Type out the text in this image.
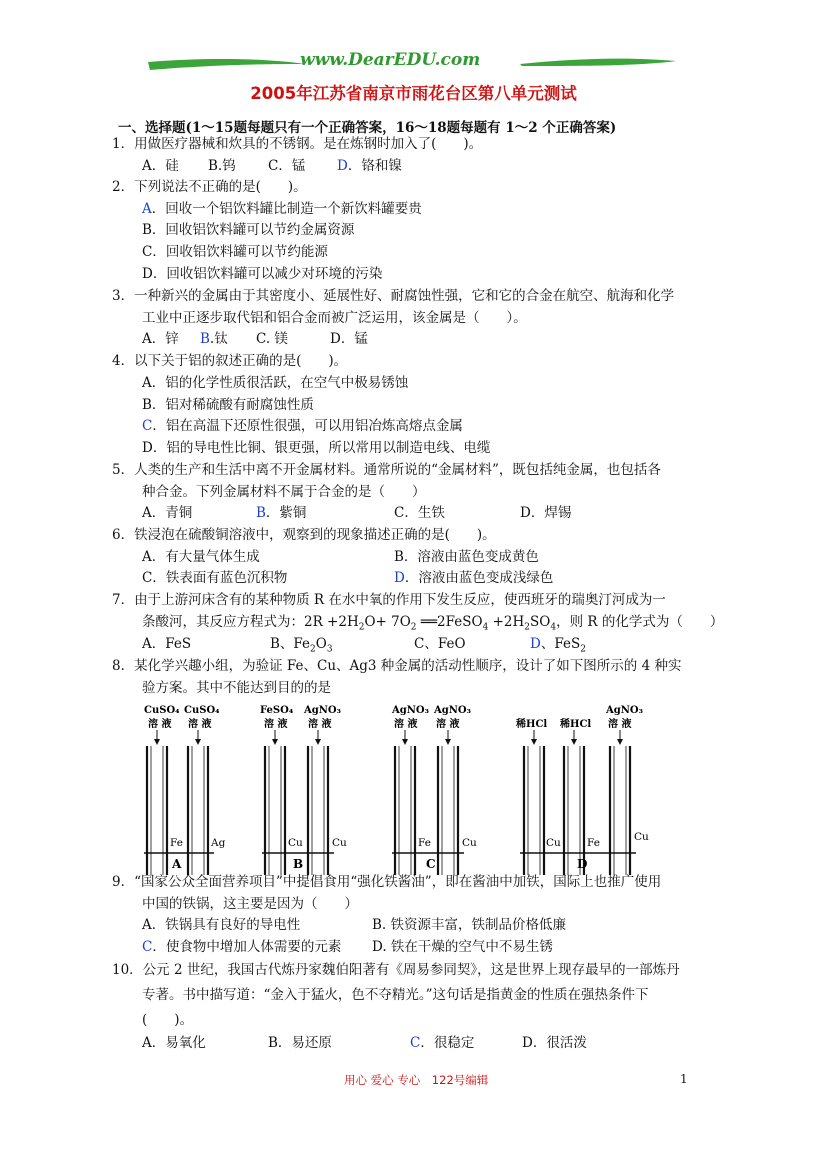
www.DearEDU.com
2005年江苏省南京市雨花台区第八单元测试
一、选择题(1～15题每题只有一个正确答案，16～18题每题有 1～2 个正确答案)
1．用做医疗器械和炊具的不锈钢。是在炼钢时加入了(　　)。
A．硅 B.钨 C．锰 D．铬和镍
2．下列说法不正确的是(　　)。
A．回收一个铝饮料罐比制造一个新饮料罐要贵
B．回收铝饮料罐可以节约金属资源
C．回收铝饮料罐可以节约能源
D．回收铝饮料罐可以减少对环境的污染
3．一种新兴的金属由于其密度小、延展性好、耐腐蚀性强，它和它的合金在航空、航海和化学
工业中正逐步取代铝和铝合金而被广泛运用，该金属是（　　）。
A．锌 B.钛 C. 镁	D．锰
4．以下关于铝的叙述正确的是(　　)。
A．铝的化学性质很活跃，在空气中极易锈蚀
B．铝对稀硫酸有耐腐蚀性质
C．铝在高温下还原性很强，可以用铝冶炼高熔点金属
D．铝的导电性比铜、银更强，所以常用以制造电线、电缆
5．人类的生产和生活中离不开金属材料。通常所说的“金属材料”，既包括纯金属，也包括各
种合金。下列金属材料不属于合金的是（　　）
A．青铜	B．紫铜	C．生铁	D．焊锡
6．铁浸泡在硫酸铜溶液中，观察到的现象描述正确的是(　　)。
A．有大量气体生成	B．溶液由蓝色变成黄色
C．铁表面有蓝色沉积物	D．溶液由蓝色变成浅绿色
7．由于上游河床含有的某种物质 R 在水中氧的作用下发生反应，使西班牙的瑞奥汀河成为一
条酸河，其反应方程式为：$2R +2H_2O+ 7O_2$ ══2FeSO$_4$ $+2H_2SO_4$，则 R 的化学式为（　　）
A．FeS	B、$Fe_2O_3$	C、FeO	D、FeS$_2$
8．某化学兴趣小组，为验证 Fe、Cu、Ag3 种金属的活动性顺序，设计了如下图所示的 4 种实
验方案。其中不能达到目的的是
CuSO₄ CuSO₄
溶 液 溶 液
Fe	Ag
A
FeSO₄ AgNO₃
溶 液 溶 液
Cu	Cu
B
AgNO₃ AgNO₃
溶 液 溶 液
Fe	Cu
C
稀HCl 稀HCl
AgNO₃
溶 液
Cu Fe	Cu
D
9．“国家公众全面营养项目”中提倡食用“强化铁酱油”，即在酱油中加铁，国际上也推广使用
中国的铁锅，这主要是因为（　　）
A．铁锅具有良好的导电性	B. 铁资源丰富，铁制品价格低廉
C．使食物中增加人体需要的元素 D. 铁在干燥的空气中不易生锈
10．公元 2 世纪，我国古代炼丹家魏伯阳著有《周易参同契》，这是世界上现存最早的一部炼丹
专著。书中描写道：“金入于猛火，色不夺精光。”这句话是指黄金的性质在强热条件下
(　　)。
A．易氧化	B．易还原	C．很稳定	D．很活泼
用心 爱心 专心　122号编辑	1
